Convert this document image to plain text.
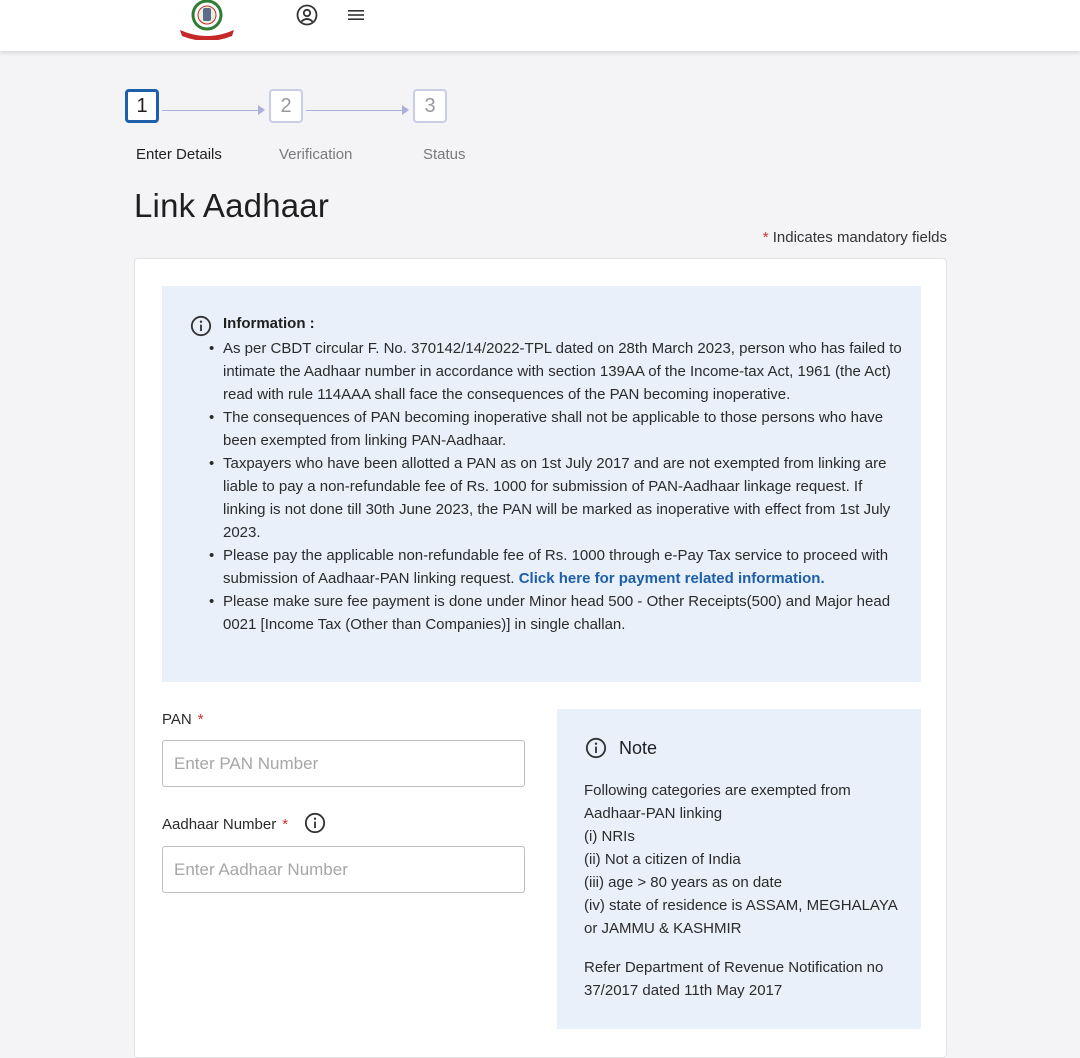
1	2	3
Enter Details	Verification	Status
Link Aadhaar
* Indicates mandatory fields
Information :
• As per CBDT circular F. No. 370142/14/2022-TPL dated on 28th March 2023, person who has failed to intimate the Aadhaar number in accordance with section 139AA of the Income-tax Act, 1961 (the Act) read with rule 114AAA shall face the consequences of the PAN becoming inoperative.
• The consequences of PAN becoming inoperative shall not be applicable to those persons who have been exempted from linking PAN-Aadhaar.
• Taxpayers who have been allotted a PAN as on 1st July 2017 and are not exempted from linking are liable to pay a non-refundable fee of Rs. 1000 for submission of PAN-Aadhaar linkage request. If linking is not done till 30th June 2023, the PAN will be marked as inoperative with effect from 1st July 2023.
• Please pay the applicable non-refundable fee of Rs. 1000 through e-Pay Tax service to proceed with submission of Aadhaar-PAN linking request. Click here for payment related information.
• Please make sure fee payment is done under Minor head 500 - Other Receipts(500) and Major head 0021 [Income Tax (Other than Companies)] in single challan.
PAN *
Enter PAN Number
Aadhaar Number *
Enter Aadhaar Number
Note
Following categories are exempted from Aadhaar-PAN linking
(i) NRIs
(ii) Not a citizen of India
(iii) age > 80 years as on date
(iv) state of residence is ASSAM, MEGHALAYA or JAMMU & KASHMIR
Refer Department of Revenue Notification no 37/2017 dated 11th May 2017
